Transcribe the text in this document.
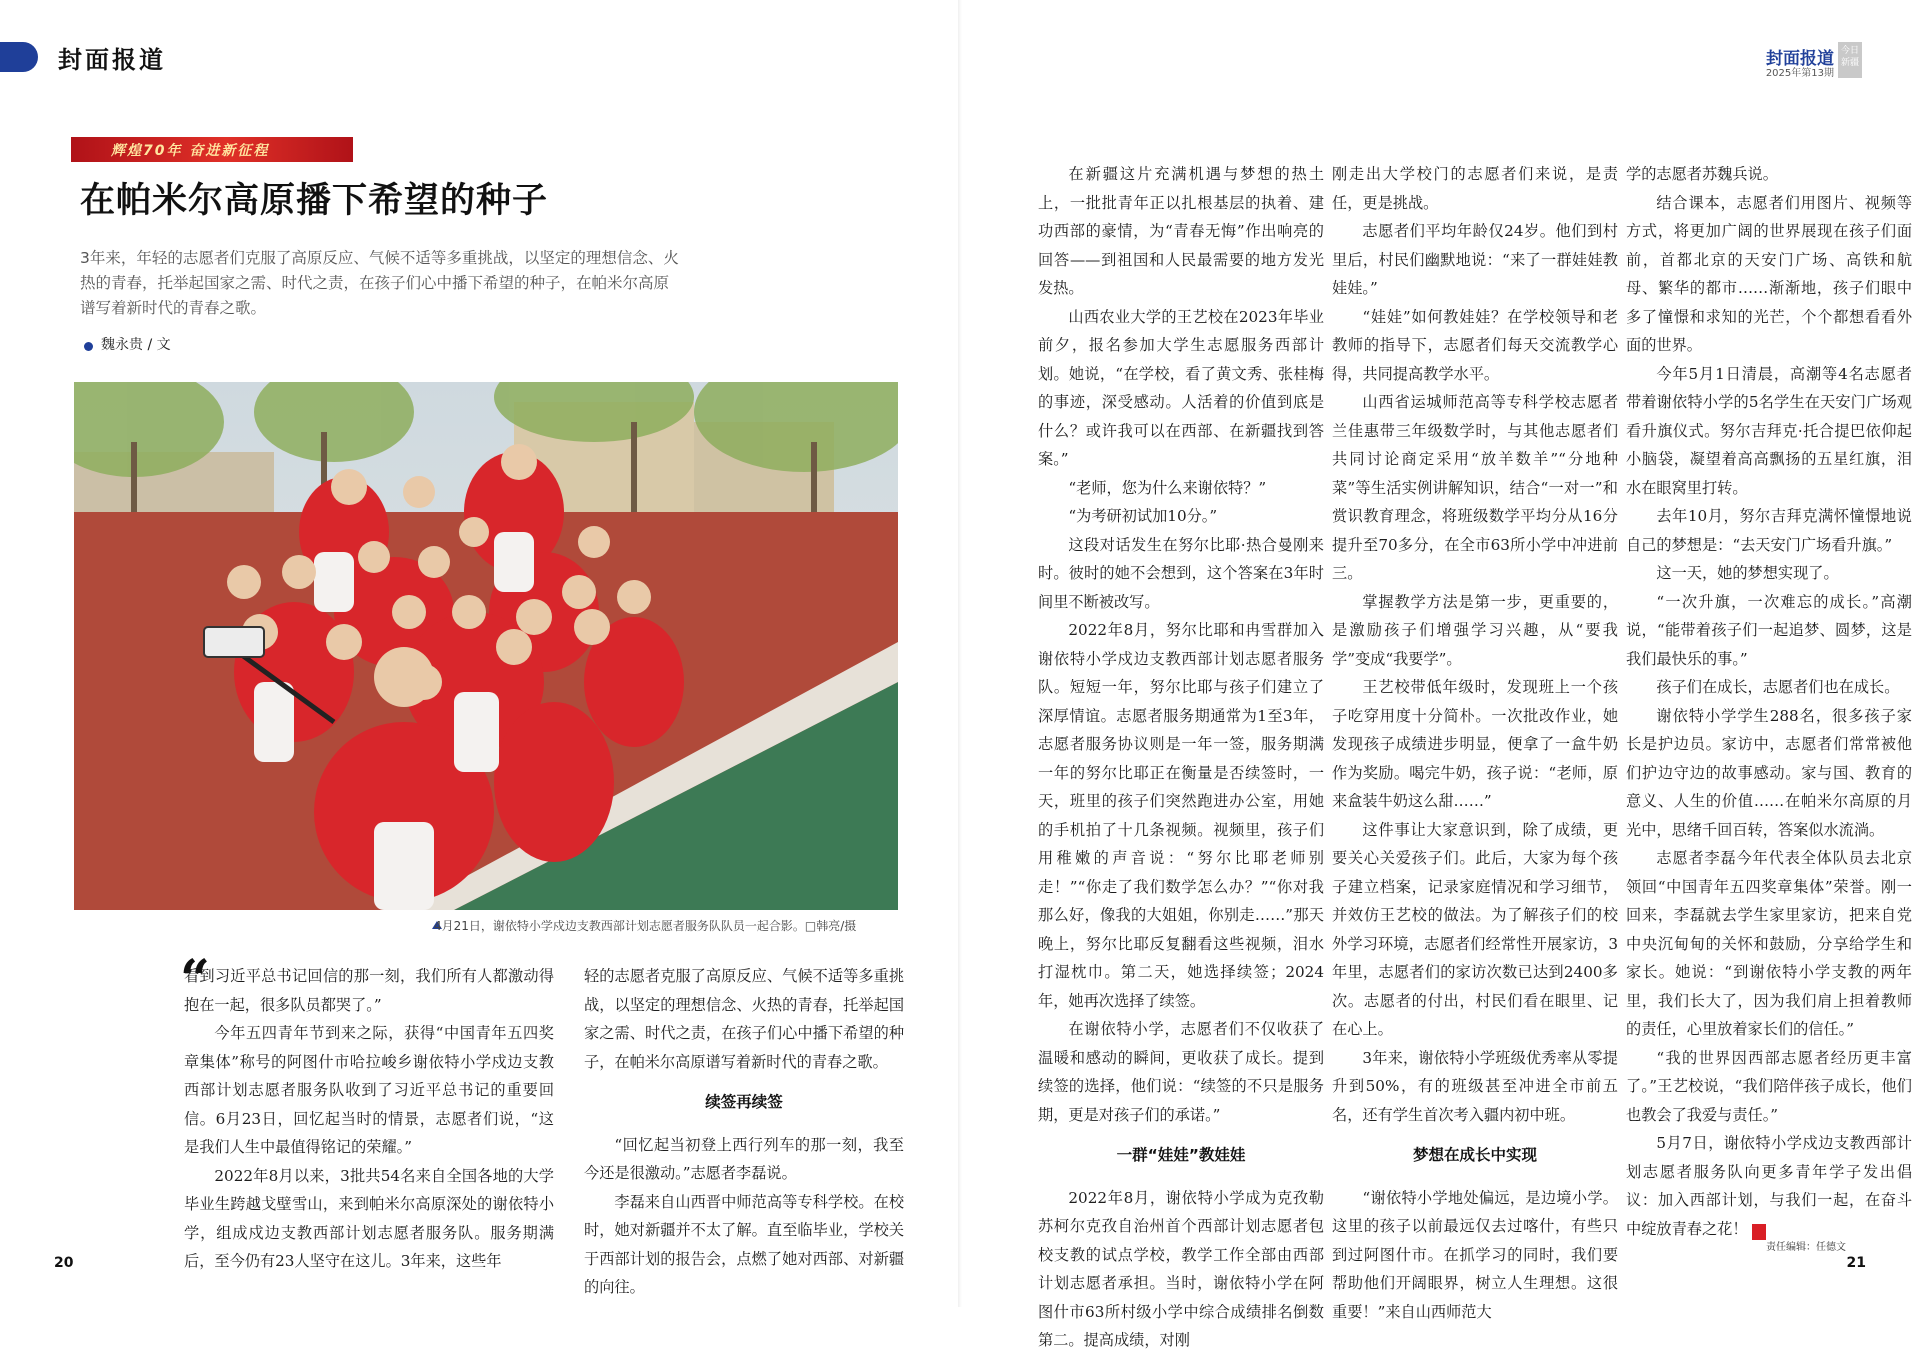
封面报道
辉煌70年 奋进新征程
在帕米尔高原播下希望的种子
3年来，年轻的志愿者们克服了高原反应、气候不适等多重挑战，以坚定的理想信念、火热的青春，托举起国家之需、时代之责，在孩子们心中播下希望的种子，在帕米尔高原谱写着新时代的青春之歌。
魏永贵 / 文
4月21日，谢依特小学戍边支教西部计划志愿者服务队队员一起合影。□韩亮/摄
“

看到习近平总书记回信的那一刻，我们所有人都激动得抱在一起，很多队员都哭了。”

今年五四青年节到来之际，获得“中国青年五四奖章集体”称号的阿图什市哈拉峻乡谢依特小学戍边支教西部计划志愿者服务队收到了习近平总书记的重要回信。6月23日，回忆起当时的情景，志愿者们说，“这是我们人生中最值得铭记的荣耀。”

2022年8月以来，3批共54名来自全国各地的大学毕业生跨越戈壁雪山，来到帕米尔高原深处的谢依特小学，组成戍边支教西部计划志愿者服务队。服务期满后，至今仍有23人坚守在这儿。3年来，这些年

轻的志愿者克服了高原反应、气候不适等多重挑战，以坚定的理想信念、火热的青春，托举起国家之需、时代之责，在孩子们心中播下希望的种子，在帕米尔高原谱写着新时代的青春之歌。

续签再续签

“回忆起当初登上西行列车的那一刻，我至今还是很激动。”志愿者李磊说。

李磊来自山西晋中师范高等专科学校。在校时，她对新疆并不太了解。直至临毕业，学校关于西部计划的报告会，点燃了她对西部、对新疆的向往。

20
封面报道
2025年第13期
今日新疆

在新疆这片充满机遇与梦想的热土上，一批批青年正以扎根基层的执着、建功西部的豪情，为“青春无悔”作出响亮的回答——到祖国和人民最需要的地方发光发热。

山西农业大学的王艺校在2023年毕业前夕，报名参加大学生志愿服务西部计划。她说，“在学校，看了黄文秀、张桂梅的事迹，深受感动。人活着的价值到底是什么？或许我可以在西部、在新疆找到答案。”

“老师，您为什么来谢依特？”

“为考研初试加10分。”

这段对话发生在努尔比耶·热合曼刚来时。彼时的她不会想到，这个答案在3年时间里不断被改写。

2022年8月，努尔比耶和冉雪群加入谢依特小学戍边支教西部计划志愿者服务队。短短一年，努尔比耶与孩子们建立了深厚情谊。志愿者服务期通常为1至3年，志愿者服务协议则是一年一签，服务期满一年的努尔比耶正在衡量是否续签时，一天，班里的孩子们突然跑进办公室，用她的手机拍了十几条视频。视频里，孩子们用稚嫩的声音说：“努尔比耶老师别走！”“你走了我们数学怎么办？”“你对我那么好，像我的大姐姐，你别走……”那天晚上，努尔比耶反复翻看这些视频，泪水打湿枕巾。第二天，她选择续签；2024年，她再次选择了续签。

在谢依特小学，志愿者们不仅收获了温暖和感动的瞬间，更收获了成长。提到续签的选择，他们说：“续签的不只是服务期，更是对孩子们的承诺。”

一群“娃娃”教娃娃

2022年8月，谢依特小学成为克孜勒苏柯尔克孜自治州首个西部计划志愿者包校支教的试点学校，教学工作全部由西部计划志愿者承担。当时，谢依特小学在阿图什市63所村级小学中综合成绩排名倒数第二。提高成绩，对刚

刚走出大学校门的志愿者们来说，是责任，更是挑战。

志愿者们平均年龄仅24岁。他们到村里后，村民们幽默地说：“来了一群娃娃教娃娃。”

“娃娃”如何教娃娃？在学校领导和老教师的指导下，志愿者们每天交流教学心得，共同提高教学水平。

山西省运城师范高等专科学校志愿者兰佳惠带三年级数学时，与其他志愿者们共同讨论商定采用“放羊数羊”“分地种菜”等生活实例讲解知识，结合“一对一”和赏识教育理念，将班级数学平均分从16分提升至70多分，在全市63所小学中冲进前三。

掌握教学方法是第一步，更重要的，是激励孩子们增强学习兴趣，从“要我学”变成“我要学”。

王艺校带低年级时，发现班上一个孩子吃穿用度十分简朴。一次批改作业，她发现孩子成绩进步明显，便拿了一盒牛奶作为奖励。喝完牛奶，孩子说：“老师，原来盒装牛奶这么甜……”

这件事让大家意识到，除了成绩，更要关心关爱孩子们。此后，大家为每个孩子建立档案，记录家庭情况和学习细节，并效仿王艺校的做法。为了解孩子们的校外学习环境，志愿者们经常性开展家访，3年里，志愿者们的家访次数已达到2400多次。志愿者的付出，村民们看在眼里、记在心上。

3年来，谢依特小学班级优秀率从零提升到50%，有的班级甚至冲进全市前五名，还有学生首次考入疆内初中班。

梦想在成长中实现

“谢依特小学地处偏远，是边境小学。这里的孩子以前最远仅去过喀什，有些只到过阿图什市。在抓学习的同时，我们要帮助他们开阔眼界，树立人生理想。这很重要！”来自山西师范大

学的志愿者苏魏兵说。

结合课本，志愿者们用图片、视频等方式，将更加广阔的世界展现在孩子们面前，首都北京的天安门广场、高铁和航母、繁华的都市……渐渐地，孩子们眼中多了憧憬和求知的光芒，个个都想看看外面的世界。

今年5月1日清晨，高潮等4名志愿者带着谢依特小学的5名学生在天安门广场观看升旗仪式。努尔吉拜克·托合提巴依仰起小脑袋，凝望着高高飘扬的五星红旗，泪水在眼窝里打转。

去年10月，努尔吉拜克满怀憧憬地说自己的梦想是：“去天安门广场看升旗。”

这一天，她的梦想实现了。

“一次升旗，一次难忘的成长。”高潮说，“能带着孩子们一起追梦、圆梦，这是我们最快乐的事。”

孩子们在成长，志愿者们也在成长。

谢依特小学学生288名，很多孩子家长是护边员。家访中，志愿者们常常被他们护边守边的故事感动。家与国、教育的意义、人生的价值……在帕米尔高原的月光中，思绪千回百转，答案似水流淌。

志愿者李磊今年代表全体队员去北京领回“中国青年五四奖章集体”荣誉。刚一回来，李磊就去学生家里家访，把来自党中央沉甸甸的关怀和鼓励，分享给学生和家长。她说：“到谢依特小学支教的两年里，我们长大了，因为我们肩上担着教师的责任，心里放着家长们的信任。”

“我的世界因西部志愿者经历更丰富了。”王艺校说，“我们陪伴孩子成长，他们也教会了我爱与责任。”

5月7日，谢依特小学戍边支教西部计划志愿者服务队向更多青年学子发出倡议：加入西部计划，与我们一起，在奋斗中绽放青春之花！	J

责任编辑：任德文
21
